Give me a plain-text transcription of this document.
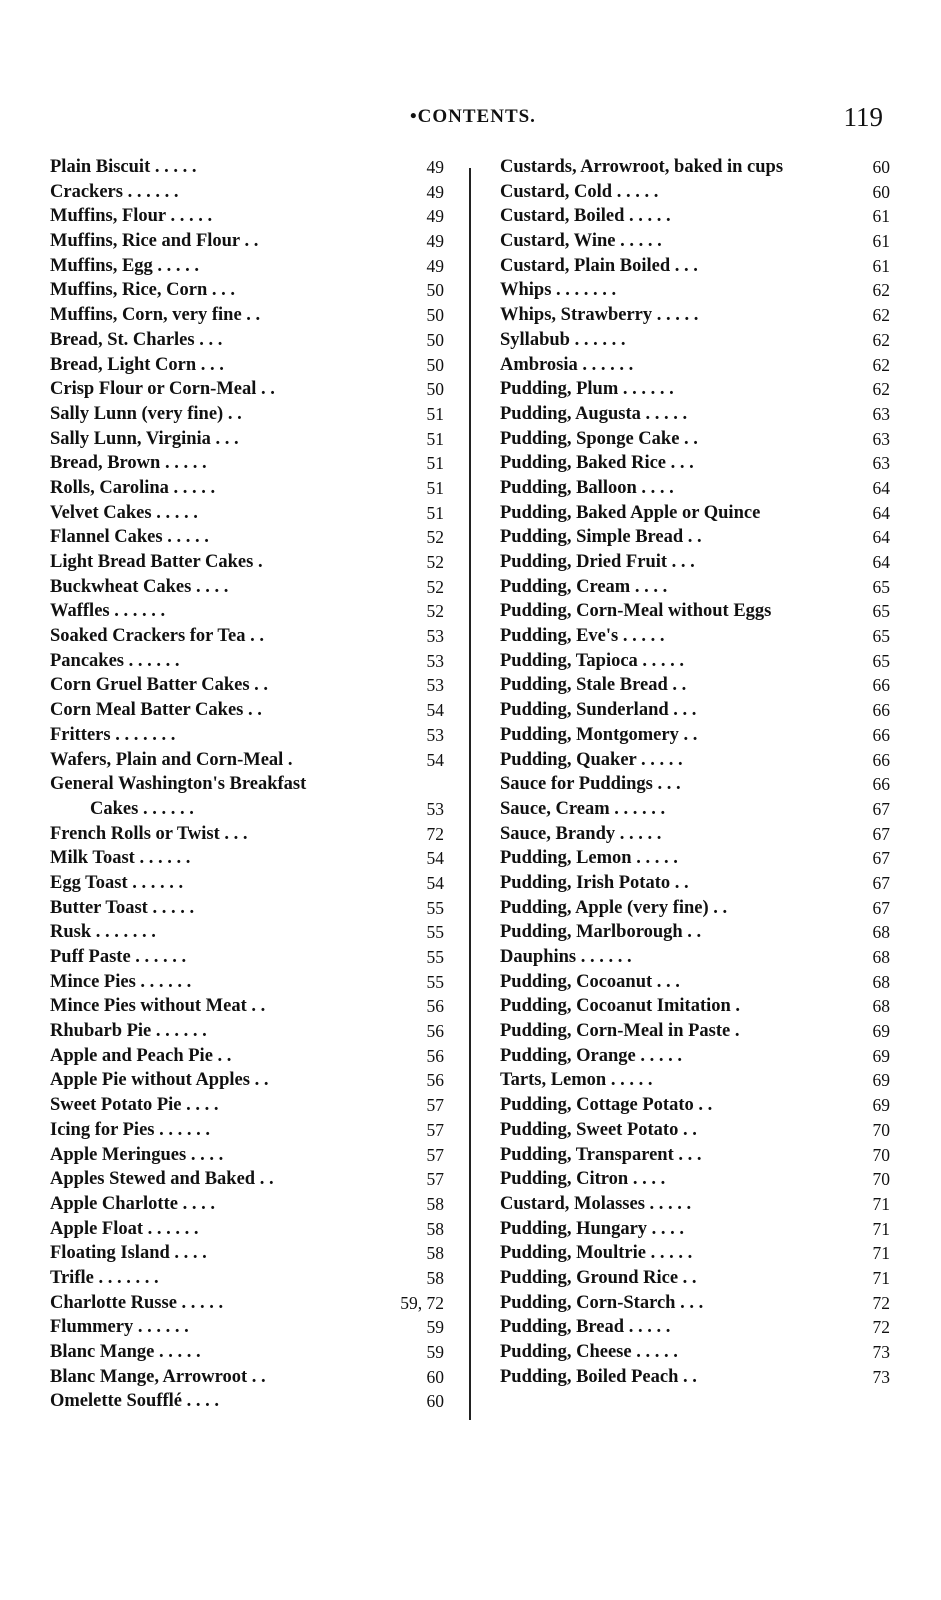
•CONTENTS.	119
Plain Biscuit . . . . .	49
Crackers . . . . . .	49
Muffins, Flour . . . . .	49
Muffins, Rice and Flour . .	49
Muffins, Egg . . . . .	49
Muffins, Rice, Corn . . .	50
Muffins, Corn, very fine . .	50
Bread, St. Charles . . .	50
Bread, Light Corn . . .	50
Crisp Flour or Corn-Meal . .	50
Sally Lunn (very fine) . .	51
Sally Lunn, Virginia . . .	51
Bread, Brown . . . . .	51
Rolls, Carolina . . . . .	51
Velvet Cakes . . . . .	51
Flannel Cakes . . . . .	52
Light Bread Batter Cakes .	52
Buckwheat Cakes . . . .	52
Waffles . . . . . .	52
Soaked Crackers for Tea . .	53
Pancakes . . . . . .	53
Corn Gruel Batter Cakes . .	53
Corn Meal Batter Cakes . .	54
Fritters . . . . . . .	53
Wafers, Plain and Corn-Meal .	54
General Washington's Breakfast
Cakes . . . . . .	53
French Rolls or Twist . . .	72
Milk Toast . . . . . .	54
Egg Toast . . . . . .	54
Butter Toast . . . . .	55
Rusk . . . . . . .	55
Puff Paste . . . . . .	55
Mince Pies . . . . . .	55
Mince Pies without Meat . .	56
Rhubarb Pie . . . . . .	56
Apple and Peach Pie . .	56
Apple Pie without Apples . .	56
Sweet Potato Pie . . . .	57
Icing for Pies . . . . . .	57
Apple Meringues . . . .	57
Apples Stewed and Baked . .	57
Apple Charlotte . . . .	58
Apple Float . . . . . .	58
Floating Island . . . .	58
Trifle . . . . . . .	58
Charlotte Russe . . . . .	59, 72
Flummery . . . . . .	59
Blanc Mange . . . . .	59
Blanc Mange, Arrowroot . .	60
Omelette Soufflé . . . .	60
Custards, Arrowroot, baked in cups	60
Custard, Cold . . . . .	60
Custard, Boiled . . . . .	61
Custard, Wine . . . . .	61
Custard, Plain Boiled . . .	61
Whips . . . . . . .	62
Whips, Strawberry . . . . .	62
Syllabub . . . . . .	62
Ambrosia . . . . . .	62
Pudding, Plum . . . . . .	62
Pudding, Augusta . . . . .	63
Pudding, Sponge Cake . .	63
Pudding, Baked Rice . . .	63
Pudding, Balloon . . . .	64
Pudding, Baked Apple or Quince	64
Pudding, Simple Bread . .	64
Pudding, Dried Fruit . . .	64
Pudding, Cream . . . .	65
Pudding, Corn-Meal without Eggs	65
Pudding, Eve's . . . . .	65
Pudding, Tapioca . . . . .	65
Pudding, Stale Bread . .	66
Pudding, Sunderland . . .	66
Pudding, Montgomery . .	66
Pudding, Quaker . . . . .	66
Sauce for Puddings . . .	66
Sauce, Cream . . . . . .	67
Sauce, Brandy . . . . .	67
Pudding, Lemon . . . . .	67
Pudding, Irish Potato . .	67
Pudding, Apple (very fine) . .	67
Pudding, Marlborough . .	68
Dauphins . . . . . .	68
Pudding, Cocoanut . . .	68
Pudding, Cocoanut Imitation .	68
Pudding, Corn-Meal in Paste .	69
Pudding, Orange . . . . .	69
Tarts, Lemon . . . . .	69
Pudding, Cottage Potato . .	69
Pudding, Sweet Potato . .	70
Pudding, Transparent . . .	70
Pudding, Citron . . . .	70
Custard, Molasses . . . . .	71
Pudding, Hungary . . . .	71
Pudding, Moultrie . . . . .	71
Pudding, Ground Rice . .	71
Pudding, Corn-Starch . . .	72
Pudding, Bread . . . . .	72
Pudding, Cheese . . . . .	73
Pudding, Boiled Peach . .	73
